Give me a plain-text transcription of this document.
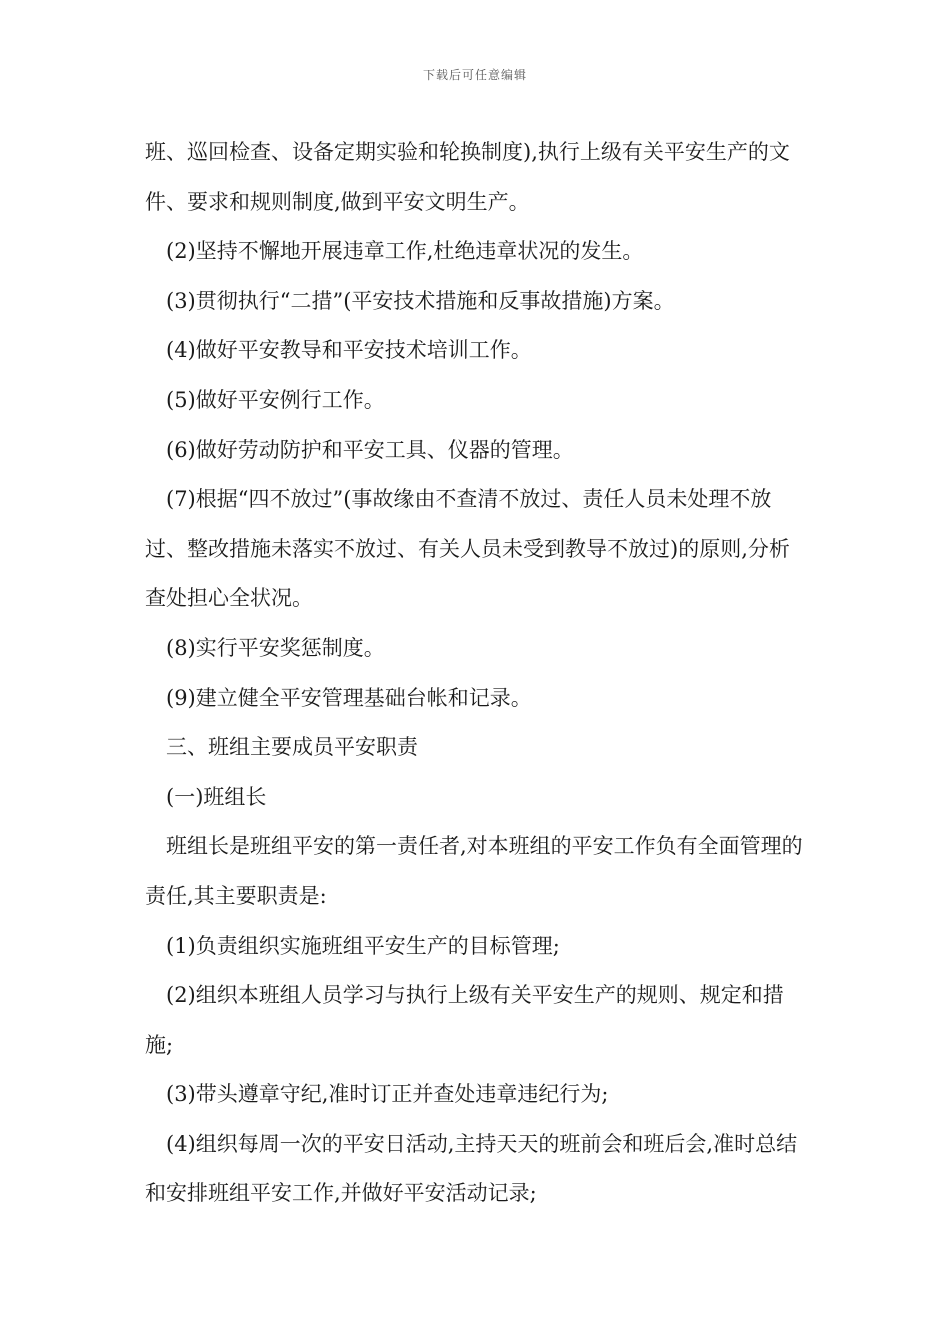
下载后可任意编辑

班、巡回检查、设备定期实验和轮换制度),执行上级有关平安生产的文件、要求和规则制度,做到平安文明生产。

(2)坚持不懈地开展违章工作,杜绝违章状况的发生。

(3)贯彻执行“二措”(平安技术措施和反事故措施)方案。

(4)做好平安教导和平安技术培训工作。

(5)做好平安例行工作。

(6)做好劳动防护和平安工具、仪器的管理。

(7)根据“四不放过”(事故缘由不查清不放过、责任人员未处理不放过、整改措施未落实不放过、有关人员未受到教导不放过)的原则,分析查处担心全状况。

(8)实行平安奖惩制度。

(9)建立健全平安管理基础台帐和记录。

三、班组主要成员平安职责

(一)班组长

班组长是班组平安的第一责任者,对本班组的平安工作负有全面管理的责任,其主要职责是:

(1)负责组织实施班组平安生产的目标管理;

(2)组织本班组人员学习与执行上级有关平安生产的规则、规定和措施;

(3)带头遵章守纪,准时订正并查处违章违纪行为;

(4)组织每周一次的平安日活动,主持天天的班前会和班后会,准时总结和安排班组平安工作,并做好平安活动记录;
